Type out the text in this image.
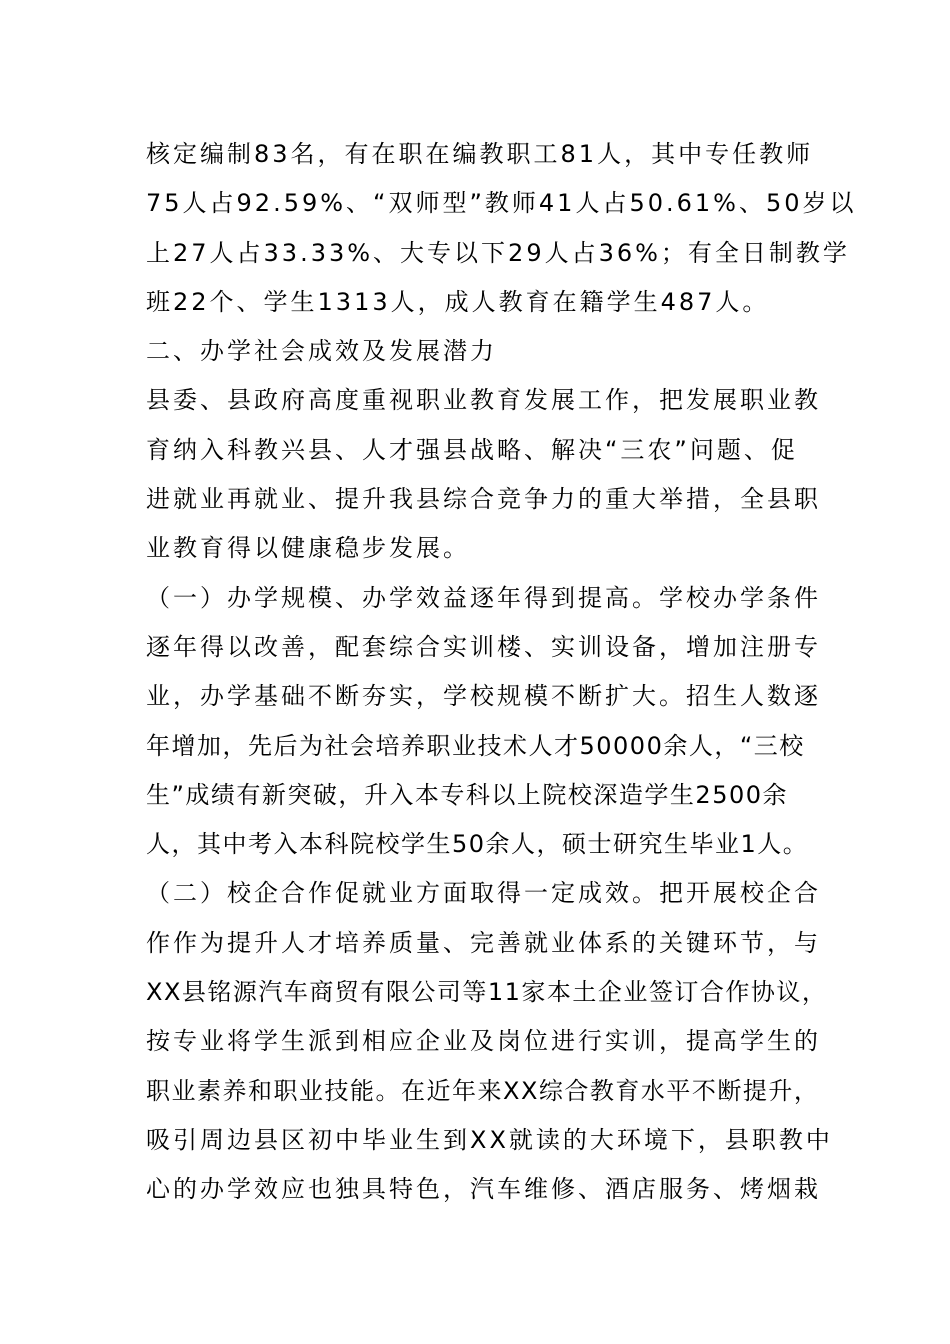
核定编制83名，有在职在编教职工81人，其中专任教师
75人占92.59%、“双师型”教师41人占50.61%、50岁以
上27人占33.33%、大专以下29人占36%；有全日制教学
班22个、学生1313人，成人教育在籍学生487人。
二、办学社会成效及发展潜力
县委、县政府高度重视职业教育发展工作，把发展职业教
育纳入科教兴县、人才强县战略、解决“三农”问题、促
进就业再就业、提升我县综合竞争力的重大举措，全县职
业教育得以健康稳步发展。
（一）办学规模、办学效益逐年得到提高。学校办学条件
逐年得以改善，配套综合实训楼、实训设备，增加注册专
业，办学基础不断夯实，学校规模不断扩大。招生人数逐
年增加，先后为社会培养职业技术人才50000余人，“三校
生”成绩有新突破，升入本专科以上院校深造学生2500余
人，其中考入本科院校学生50余人，硕士研究生毕业1人。
（二）校企合作促就业方面取得一定成效。把开展校企合
作作为提升人才培养质量、完善就业体系的关键环节，与
XX县铭源汽车商贸有限公司等11家本土企业签订合作协议，
按专业将学生派到相应企业及岗位进行实训，提高学生的
职业素养和职业技能。在近年来XX综合教育水平不断提升，
吸引周边县区初中毕业生到XX就读的大环境下，县职教中
心的办学效应也独具特色，汽车维修、酒店服务、烤烟栽
